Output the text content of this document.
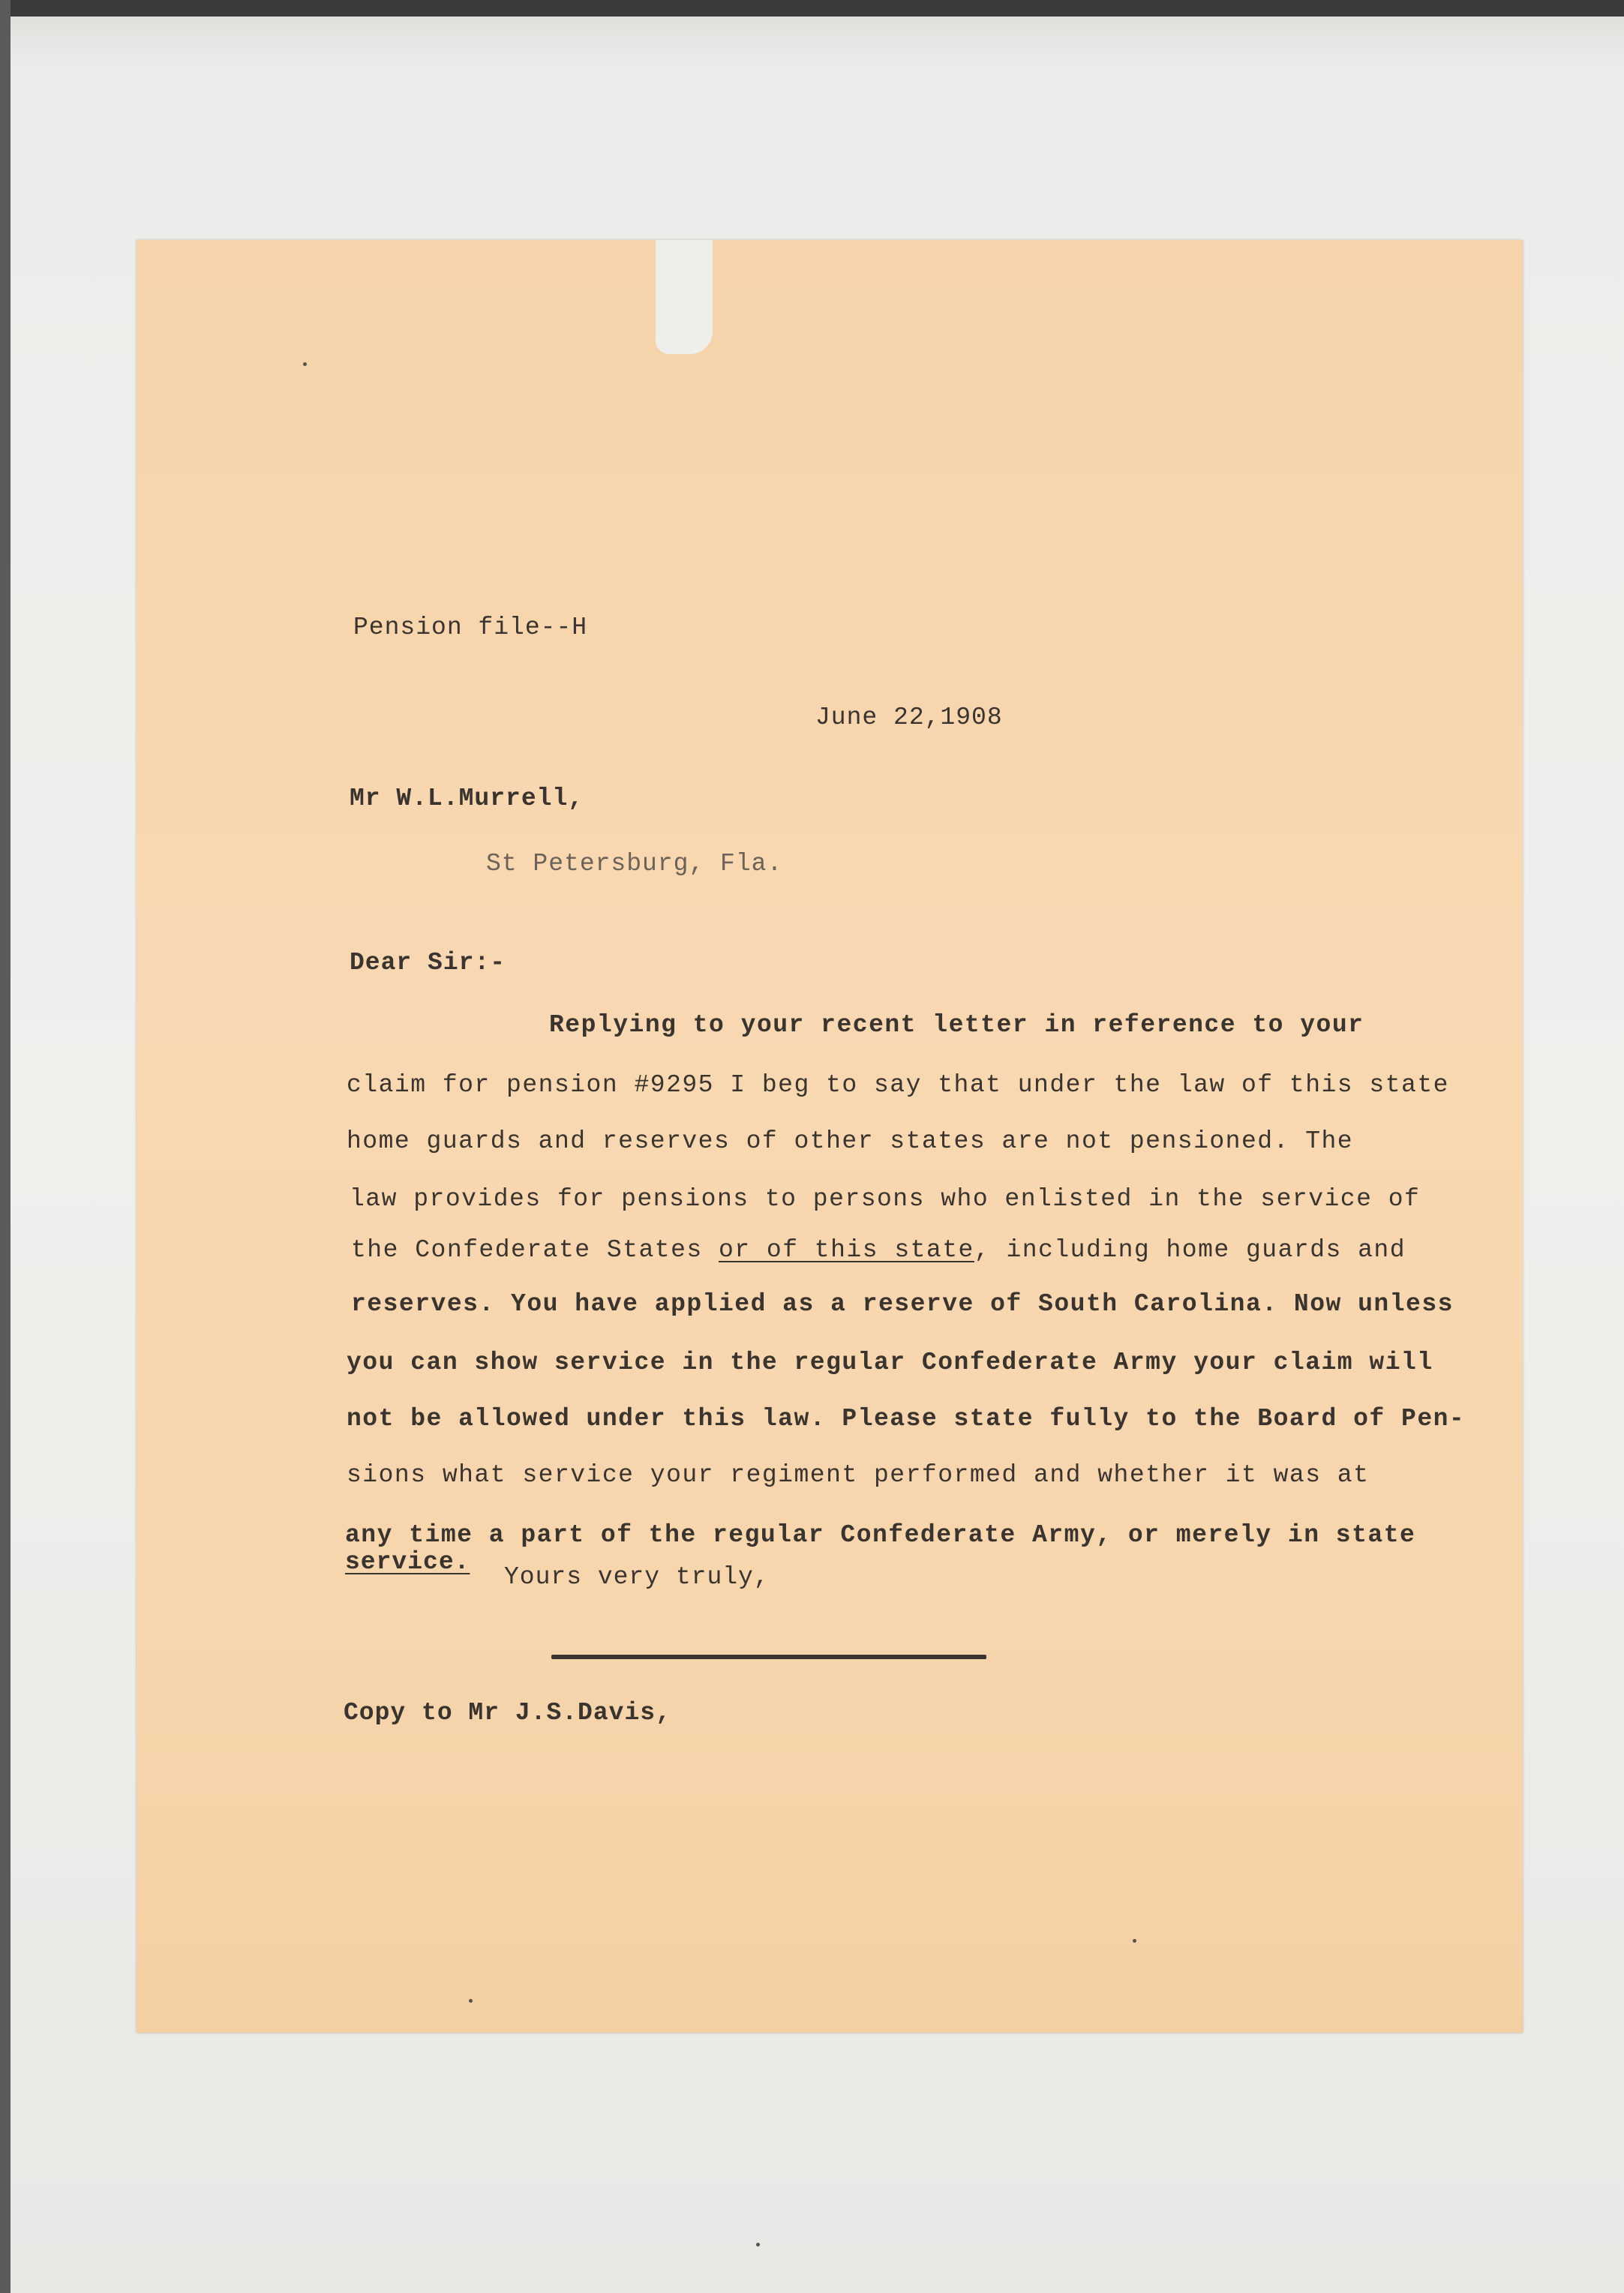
Pension file--H
June 22,1908
Mr W.L.Murrell,
St Petersburg, Fla.
Dear Sir:-
Replying to your recent letter in reference to your
claim for pension #9295 I beg to say that under the law of this state
home guards and reserves of other states are not pensioned. The
law provides for pensions to persons who enlisted in the service of
the Confederate States or of this state, including home guards and
reserves. You have applied as a reserve of South Carolina. Now unless
you can show service in the regular Confederate Army your claim will
not be allowed under this law. Please state fully to the Board of Pen-
sions what service your regiment performed and whether it was at
any time a part of the regular Confederate Army, or merely in state
service.
Yours very truly,
Copy to Mr J.S.Davis,
